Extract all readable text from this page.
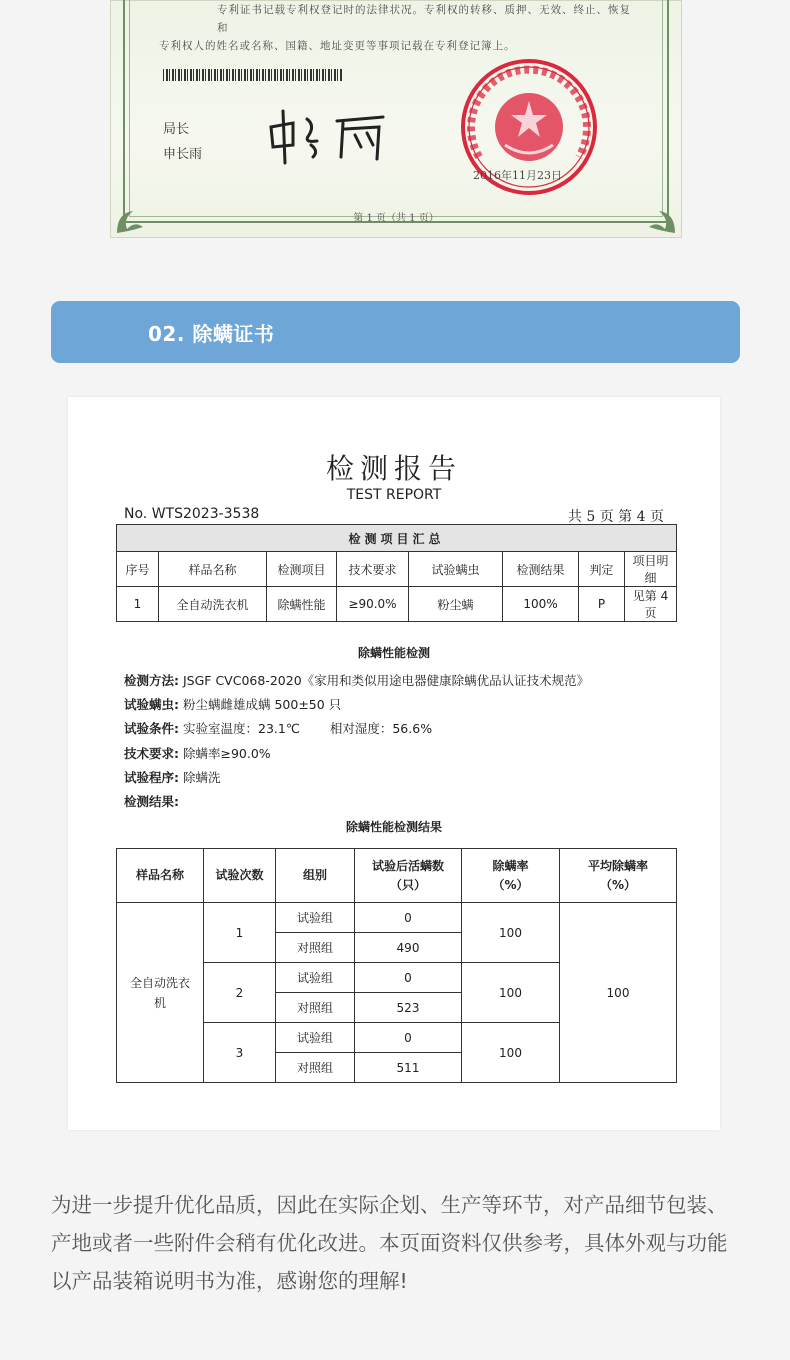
专利证书记载专利权登记时的法律状况。专利权的转移、质押、无效、终止、恢复和
专利权人的姓名或名称、国籍、地址变更等事项记载在专利登记簿上。
局长
申长雨
2016年11月23日
第 1 页（共 1 页）
02. 除螨证书
检测报告
TEST REPORT
No. WTS2023-3538	共 5 页 第 4 页
检测项目汇总							
序号	样品名称	检测项目	技术要求	试验螨虫	检测结果	判定	项目明细
1	全自动洗衣机	除螨性能	≥90.0%	粉尘螨	100%	P	见第 4 页
除螨性能检测
检测方法: JSGF CVC068-2020《家用和类似用途电器健康除螨优品认证技术规范》
试验螨虫: 粉尘螨雌雄成螨 500±50 只
试验条件: 实验室温度：23.1℃ 相对湿度：56.6%
技术要求: 除螨率≥90.0%
试验程序: 除螨洗
检测结果:
除螨性能检测结果
样品名称	试验次数	组别	试验后活螨数（只）	除螨率（%）	平均除螨率（%）
全自动洗衣机	1	试验组	0	100	100
		对照组	490		
	2	试验组	0	100	
		对照组	523		
	3	试验组	0	100	
		对照组	511		
为进一步提升优化品质，因此在实际企划、生产等环节，对产品细节包装、产地或者一些附件会稍有优化改进。本页面资料仅供参考，具体外观与功能以产品装箱说明书为准，感谢您的理解!
